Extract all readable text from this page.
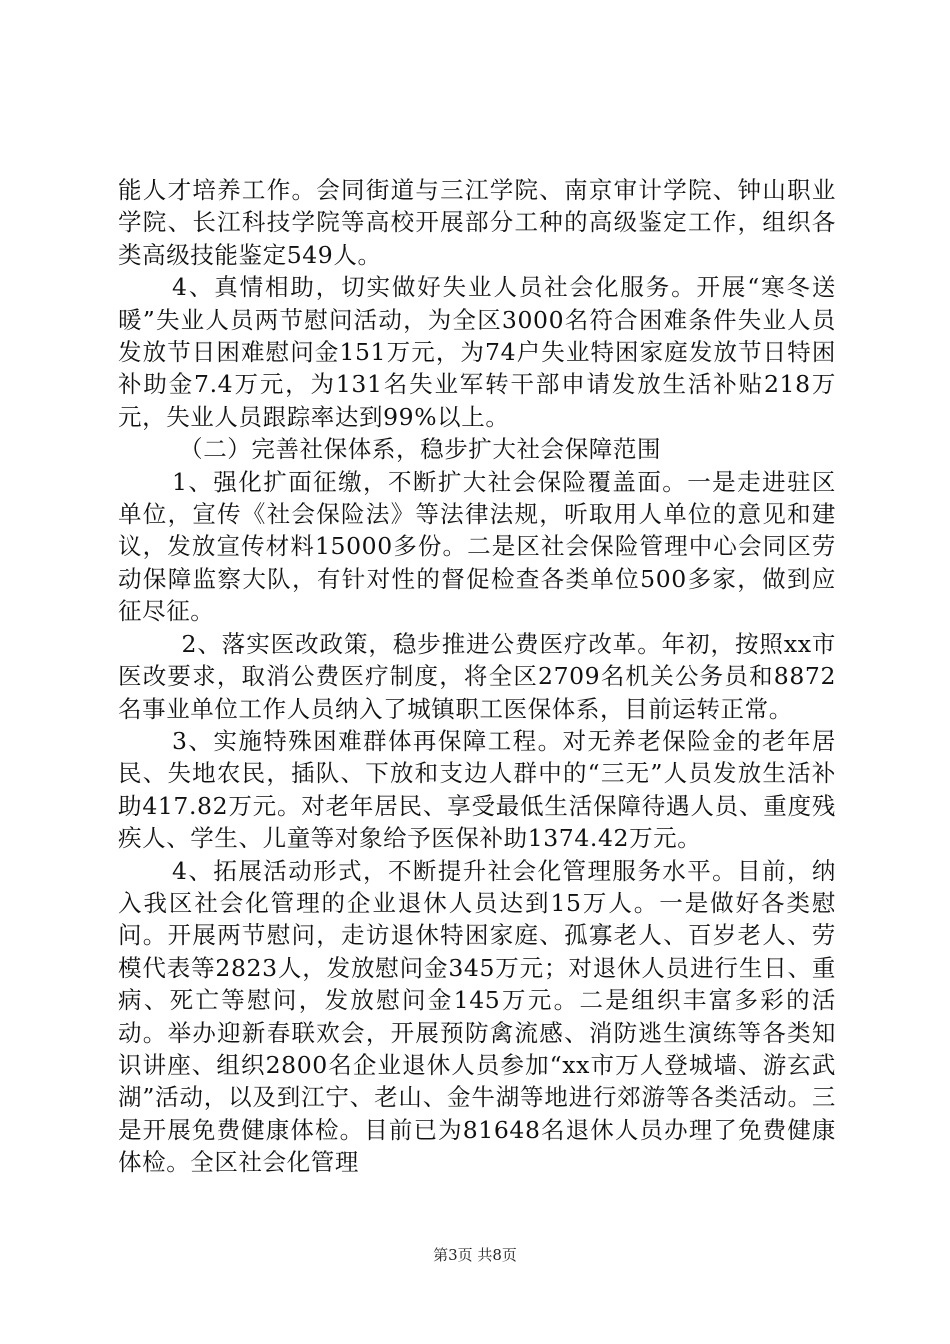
能人才培养工作。会同街道与三江学院、南京审计学院、钟山职业学院、长江科技学院等高校开展部分工种的高级鉴定工作，组织各类高级技能鉴定549人。

4、真情相助，切实做好失业人员社会化服务。开展“寒冬送暖”失业人员两节慰问活动，为全区3000名符合困难条件失业人员发放节日困难慰问金151万元，为74户失业特困家庭发放节日特困补助金7.4万元，为131名失业军转干部申请发放生活补贴218万元，失业人员跟踪率达到99%以上。

（二）完善社保体系，稳步扩大社会保障范围

1、强化扩面征缴，不断扩大社会保险覆盖面。一是走进驻区单位，宣传《社会保险法》等法律法规，听取用人单位的意见和建议，发放宣传材料15000多份。二是区社会保险管理中心会同区劳动保障监察大队，有针对性的督促检查各类单位500多家，做到应征尽征。

2、落实医改政策，稳步推进公费医疗改革。年初，按照xx市医改要求，取消公费医疗制度，将全区2709名机关公务员和8872名事业单位工作人员纳入了城镇职工医保体系，目前运转正常。

3、实施特殊困难群体再保障工程。对无养老保险金的老年居民、失地农民，插队、下放和支边人群中的“三无”人员发放生活补助417.82万元。对老年居民、享受最低生活保障待遇人员、重度残疾人、学生、儿童等对象给予医保补助1374.42万元。

4、拓展活动形式，不断提升社会化管理服务水平。目前，纳入我区社会化管理的企业退休人员达到15万人。一是做好各类慰问。开展两节慰问，走访退休特困家庭、孤寡老人、百岁老人、劳模代表等2823人，发放慰问金345万元；对退休人员进行生日、重病、死亡等慰问，发放慰问金145万元。二是组织丰富多彩的活动。举办迎新春联欢会，开展预防禽流感、消防逃生演练等各类知识讲座、组织2800名企业退休人员参加“xx市万人登城墙、游玄武湖”活动，以及到江宁、老山、金牛湖等地进行郊游等各类活动。三是开展免费健康体检。目前已为81648名退休人员办理了免费健康体检。全区社会化管理

第3页 共8页
